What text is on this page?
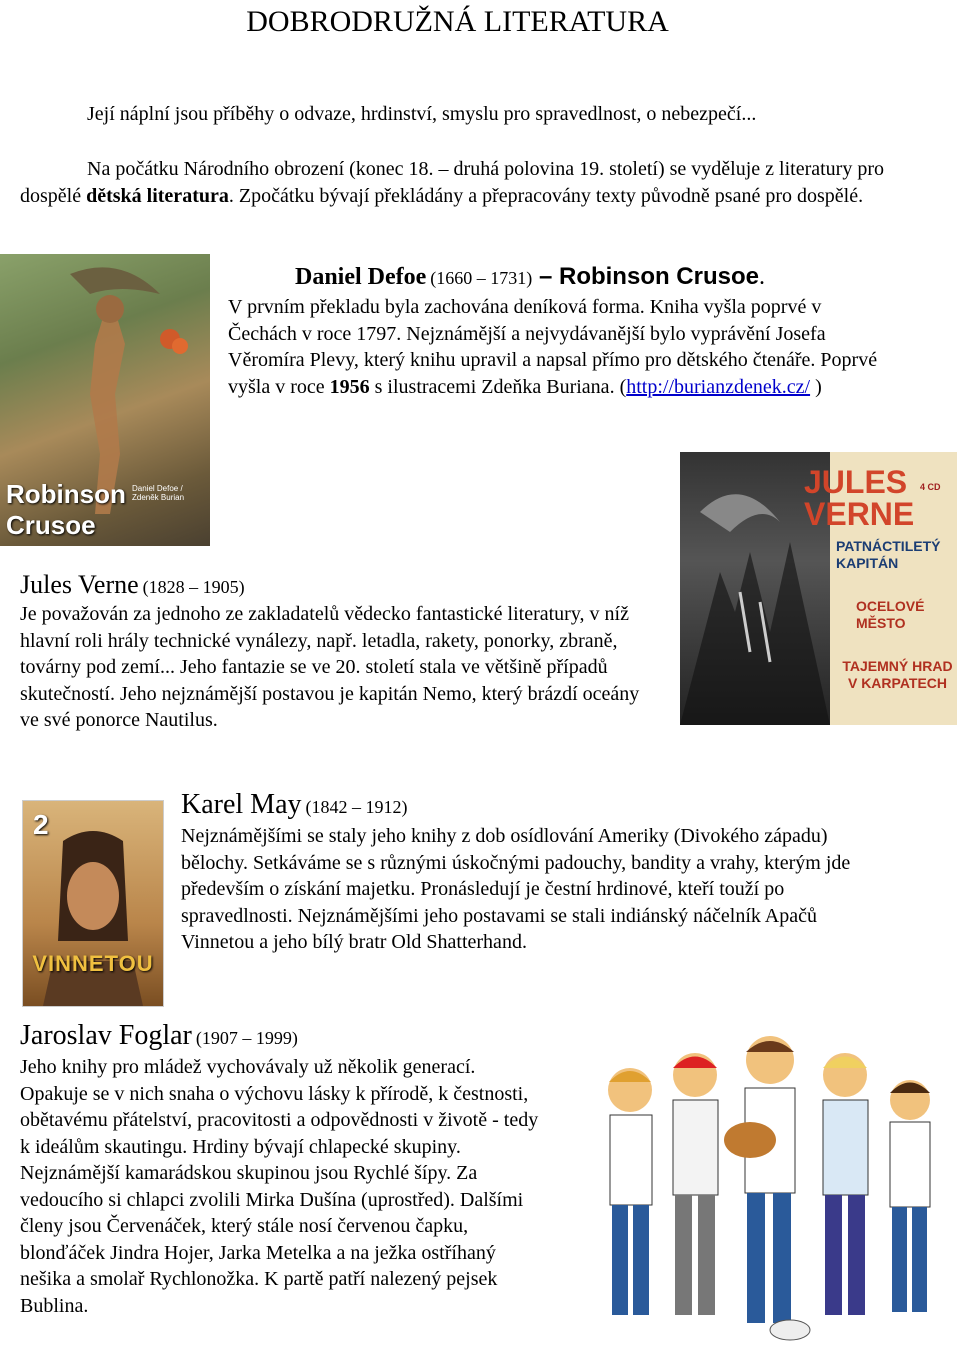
DOBRODRUŽNÁ LITERATURA
Její náplní jsou příběhy o odvaze, hrdinství, smyslu pro spravedlnost, o nebezpečí...
Na počátku Národního obrození (konec 18. – druhá polovina 19. století) se vyděluje z literatury pro dospělé dětská literatura. Zpočátku bývají překládány a přepracovány texty původně psané pro dospělé.
Robinson Crusoe
Daniel Defoe / Zdeněk Burian
Daniel Defoe (1660 – 1731) – Robinson Crusoe.
V prvním překladu byla zachována deníková forma. Kniha vyšla poprvé v Čechách v roce 1797. Nejznámější a nejvydávanější bylo vyprávění Josefa Věromíra Plevy, který knihu upravil a napsal přímo pro dětského čtenáře. Poprvé vyšla v roce 1956 s ilustracemi Zdeňka Buriana. (http://burianzdenek.cz/ )
JULES
VERNE
4 CD
PATNÁCTILETÝ KAPITÁN
OCELOVÉ MĚSTO
TAJEMNÝ HRAD V KARPATECH
Jules Verne (1828 – 1905)
Je považován za jednoho ze zakladatelů vědecko fantastické literatury, v níž hlavní roli hrály technické vynálezy, např. letadla, rakety, ponorky, zbraně, továrny pod zemí... Jeho fantazie se ve 20. století stala ve většině případů skutečností. Jeho nejznámější postavou je kapitán Nemo, který brázdí oceány ve své ponorce Nautilus.
2
VINNETOU
Karel May (1842 – 1912)
Nejznámějšími se staly jeho knihy z dob osídlování Ameriky (Divokého západu) bělochy. Setkáváme se s různými úskočnými padouchy, bandity a vrahy, kterým jde především o získání majetku. Pronásledují je čestní hrdinové, kteří touží po spravedlnosti. Nejznámějšími jeho postavami se stali indiánský náčelník Apačů Vinnetou a jeho bílý bratr Old Shatterhand.
Jaroslav Foglar (1907 – 1999)
Jeho knihy pro mládež vychovávaly už několik generací. Opakuje se v nich snaha o výchovu lásky k přírodě, k čestnosti, obětavému přátelství, pracovitosti a odpovědnosti v životě - tedy k ideálům skautingu. Hrdiny bývají chlapecké skupiny.
Nejznámější kamarádskou skupinou jsou Rychlé šípy. Za vedoucího si chlapci zvolili Mirka Dušína (uprostřed). Dalšími členy jsou Červenáček, který stále nosí červenou čapku, blonďáček Jindra Hojer, Jarka Metelka a na ježka ostříhaný nešika a smolař Rychlonožka. K partě patří nalezený pejsek Bublina.
